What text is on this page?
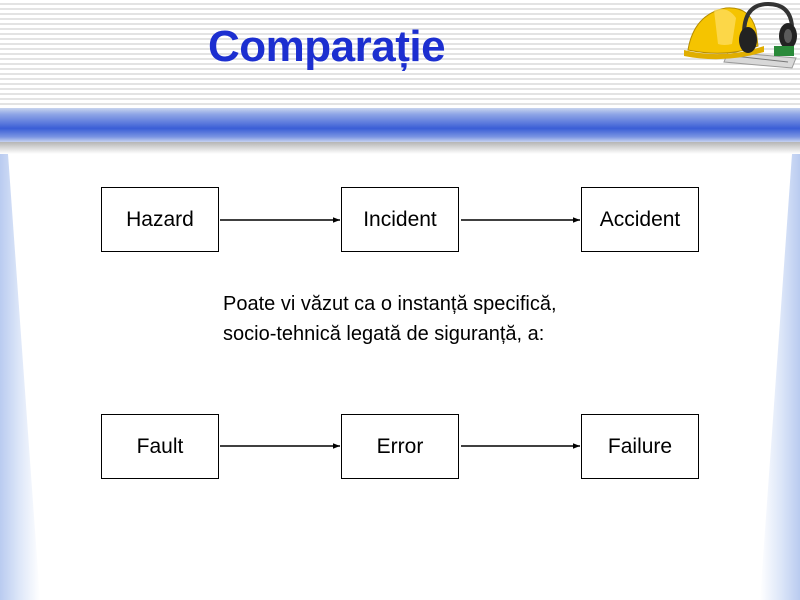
Comparație
Hazard	Incident	Accident
Poate vi văzut ca o instanță specifică,
socio-tehnică legată de siguranță, a:
Fault	Error	Failure
